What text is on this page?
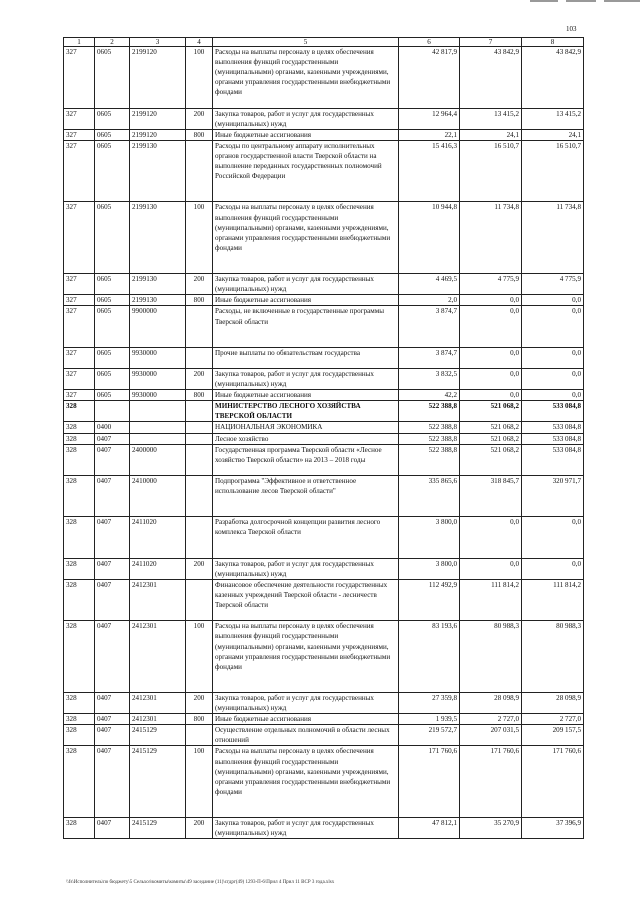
103
1	2	3	4	5	6	7	8
327	0605	2199120	100	Расходы на выплаты персоналу в целях обеспечения выполнения функций государственными (муниципальными) органами, казенными учреждениями, органами управления государственными внебюджетными фондами	42 817,9	43 842,9	43 842,9
327	0605	2199120	200	Закупка товаров, работ и услуг для государственных (муниципальных) нужд	12 964,4	13 415,2	13 415,2
327	0605	2199120	800	Иные бюджетные ассигнования	22,1	24,1	24,1
327	0605	2199130		Расходы по центральному аппарату исполнительных органов государственной власти Тверской области на выполнение переданных государственных полномочий Российской Федерации	15 416,3	16 510,7	16 510,7
327	0605	2199130	100	Расходы на выплаты персоналу в целях обеспечения выполнения функций государственными (муниципальными) органами, казенными учреждениями, органами управления государственными внебюджетными фондами	10 944,8	11 734,8	11 734,8
327	0605	2199130	200	Закупка товаров, работ и услуг для государственных (муниципальных) нужд	4 469,5	4 775,9	4 775,9
327	0605	2199130	800	Иные бюджетные ассигнования	2,0	0,0	0,0
327	0605	9900000		Расходы, не включенные в государственные программы Тверской области	3 874,7	0,0	0,0
327	0605	9930000		Прочие выплаты по обязательствам государства	3 874,7	0,0	0,0
327	0605	9930000	200	Закупка товаров, работ и услуг для государственных (муниципальных) нужд	3 832,5	0,0	0,0
327	0605	9930000	800	Иные бюджетные ассигнования	42,2	0,0	0,0
328				МИНИСТЕРСТВО ЛЕСНОГО ХОЗЯЙСТВА ТВЕРСКОЙ ОБЛАСТИ	522 388,8	521 068,2	533 084,8
328	0400			НАЦИОНАЛЬНАЯ ЭКОНОМИКА	522 388,8	521 068,2	533 084,8
328	0407			Лесное хозяйство	522 388,8	521 068,2	533 084,8
328	0407	2400000		Государственная программа Тверской области «Лесное хозяйство Тверской области» на 2013 – 2018 годы	522 388,8	521 068,2	533 084,8
328	0407	2410000		Подпрограмма "Эффективное и ответственное использование лесов Тверской области"	335 865,6	318 845,7	320 971,7
328	0407	2411020		Разработка долгосрочной концепции развития лесного комплекса Тверской области	3 800,0	0,0	0,0
328	0407	2411020	200	Закупка товаров, работ и услуг для государственных (муниципальных) нужд	3 800,0	0,0	0,0
328	0407	2412301		Финансовое обеспечение деятельности государственных казенных учреждений Тверской области - лесничеств Тверской области	112 492,9	111 814,2	111 814,2
328	0407	2412301	100	Расходы на выплаты персоналу в целях обеспечения выполнения функций государственными (муниципальными) органами, казенными учреждениями, органами управления государственными внебюджетными фондами	83 193,6	80 988,3	80 988,3
328	0407	2412301	200	Закупка товаров, работ и услуг для государственных (муниципальных) нужд	27 359,8	28 098,9	28 098,9
328	0407	2412301	800	Иные бюджетные ассигнования	1 939,5	2 727,0	2 727,0
328	0407	2415129		Осуществление отдельных полномочий в области лесных отношений	219 572,7	207 031,5	209 157,5
328	0407	2415129	100	Расходы на выплаты персоналу в целях обеспечения выполнения функций государственными (муниципальными) органами, казенными учреждениями, органами управления государственными внебюджетными фондами	171 760,6	171 760,6	171 760,6
328	0407	2415129	200	Закупка товаров, работ и услуг для государственных (муниципальных) нужд	47 812,1	35 270,9	37 396,9
\\fs\Исполнитель\по бюджету\5 Сельхоз\комиты\комиты\49 заседание (11)\сгдрг(49) 1293-П-6\Прил 4 Прил 11 ВСР 3 года.xlsx
